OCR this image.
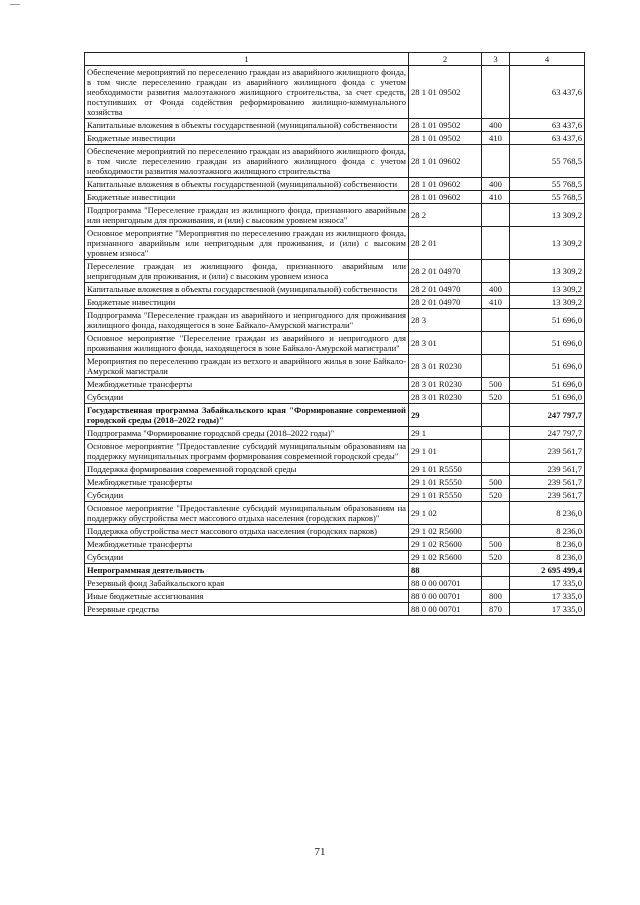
1	2	3	4
Обеспечение мероприятий по переселению граждан из аварийного жилищного фонда, в том числе переселению граждан из аварийного жилищного фонда с учетом необходимости развития малоэтажного жилищного строительства, за счет средств, поступивших от Фонда содействия реформированию жилищно-коммунального хозяйства	28 1 01 09502		63 437,6
Капитальные вложения в объекты государственной (муниципальной) собственности	28 1 01 09502	400	63 437,6
Бюджетные инвестиции	28 1 01 09502	410	63 437,6
Обеспечение мероприятий по переселению граждан из аварийного жилищного фонда, в том числе переселению граждан из аварийного жилищного фонда с учетом необходимости развития малоэтажного жилищного строительства	28 1 01 09602		55 768,5
Капитальные вложения в объекты государственной (муниципальной) собственности	28 1 01 09602	400	55 768,5
Бюджетные инвестиции	28 1 01 09602	410	55 768,5
Подпрограмма "Переселение граждан из жилищного фонда, признанного аварийным или непригодным для проживания, и (или) с высоким уровнем износа"	28 2		13 309,2
Основное мероприятие "Мероприятия по переселению граждан из жилищного фонда, признанного аварийным или непригодным для проживания, и (или) с высоким уровнем износа"	28 2 01		13 309,2
Переселение граждан из жилищного фонда, признанного аварийным или непригодным для проживания, и (или) с высоким уровнем износа	28 2 01 04970		13 309,2
Капитальные вложения в объекты государственной (муниципальной) собственности	28 2 01 04970	400	13 309,2
Бюджетные инвестиции	28 2 01 04970	410	13 309,2
Подпрограмма "Переселение граждан из аварийного и непригодного для проживания жилищного фонда, находящегося в зоне Байкало-Амурской магистрали"	28 3		51 696,0
Основное мероприятие "Переселение граждан из аварийного и непригодного для проживания жилищного фонда, находящегося в зоне Байкало-Амурской магистрали"	28 3 01		51 696,0
Мероприятия по переселению граждан из ветхого и аварийного жилья в зоне Байкало-Амурской магистрали	28 3 01 R0230		51 696,0
Межбюджетные трансферты	28 3 01 R0230	500	51 696,0
Субсидии	28 3 01 R0230	520	51 696,0
Государственная программа Забайкальского края "Формирование современной городской среды (2018–2022 годы)"	29		247 797,7
Подпрограмма "Формирование городской среды (2018–2022 годы)"	29 1		247 797,7
Основное мероприятие "Предоставление субсидий муниципальным образованиям на поддержку муниципальных программ формирования современной городской среды"	29 1 01		239 561,7
Поддержка формирования современной городской среды	29 1 01 R5550		239 561,7
Межбюджетные трансферты	29 1 01 R5550	500	239 561,7
Субсидии	29 1 01 R5550	520	239 561,7
Основное мероприятие "Предоставление субсидий муниципальным образованиям на поддержку обустройства мест массового отдыха населения (городских парков)"	29 1 02		8 236,0
Поддержка обустройства мест массового отдыха населения (городских парков)	29 1 02 R5600		8 236,0
Межбюджетные трансферты	29 1 02 R5600	500	8 236,0
Субсидии	29 1 02 R5600	520	8 236,0
Непрограммная деятельность	88		2 695 499,4
Резервный фонд Забайкальского края	88 0 00 00701		17 335,0
Иные бюджетные ассигнования	88 0 00 00701	800	17 335,0
Резервные средства	88 0 00 00701	870	17 335,0
71
